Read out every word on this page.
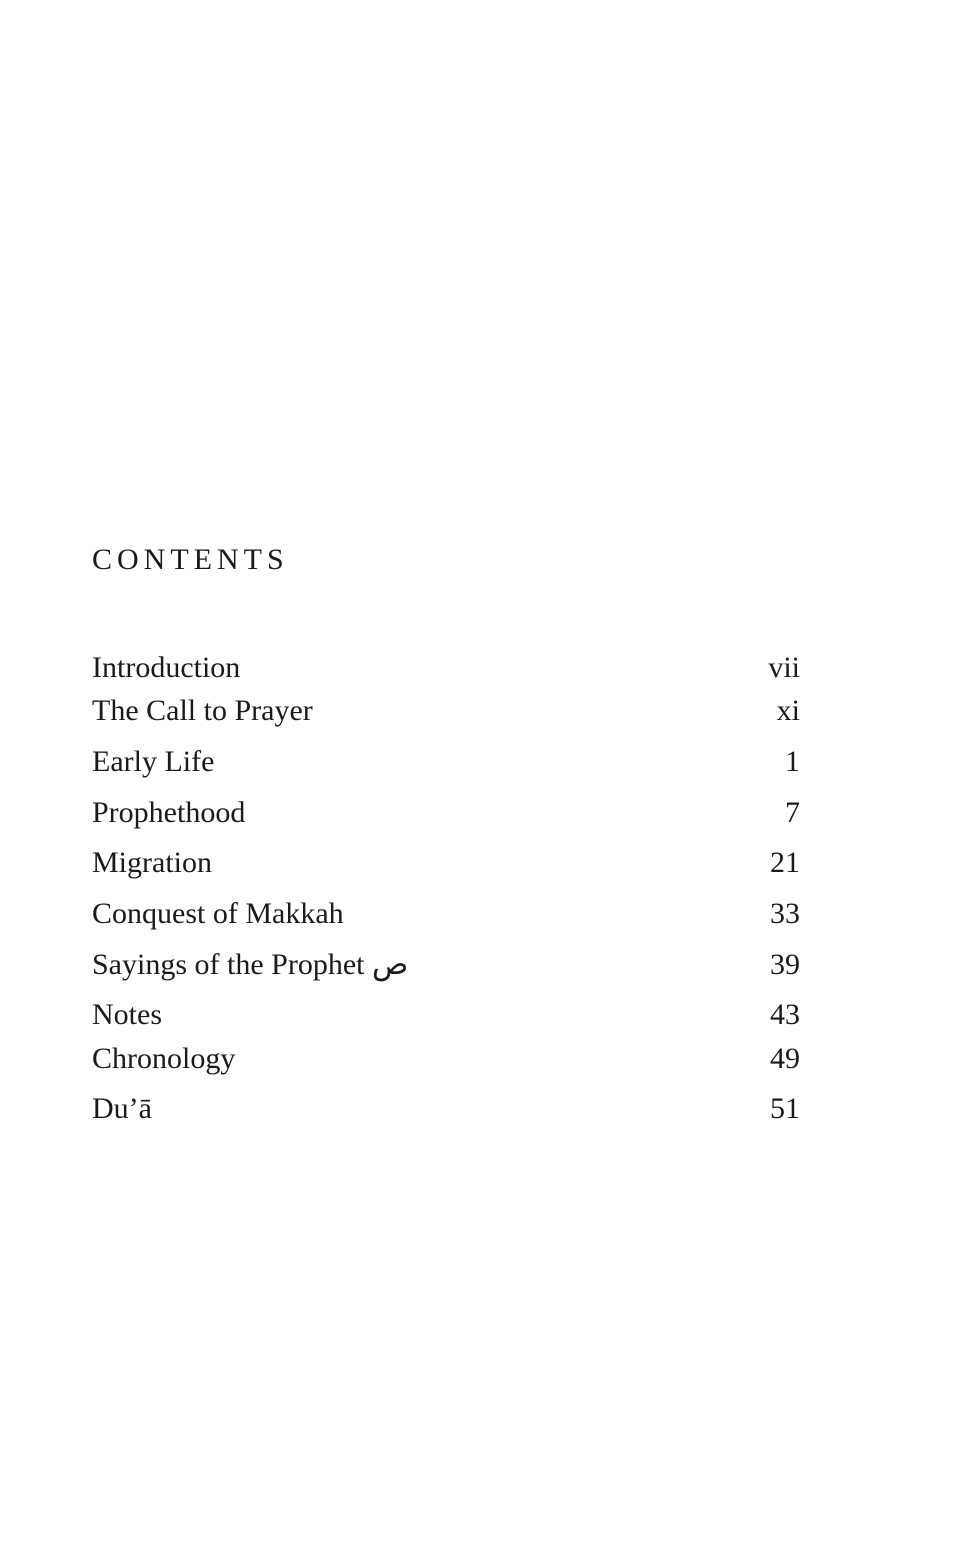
CONTENTS
Introduction	vii
The Call to Prayer	xi
Early Life	1
Prophethood	7
Migration	21
Conquest of Makkah	33
Sayings of the Prophet ص	39
Notes	43
Chronology	49
Du’ā	51
